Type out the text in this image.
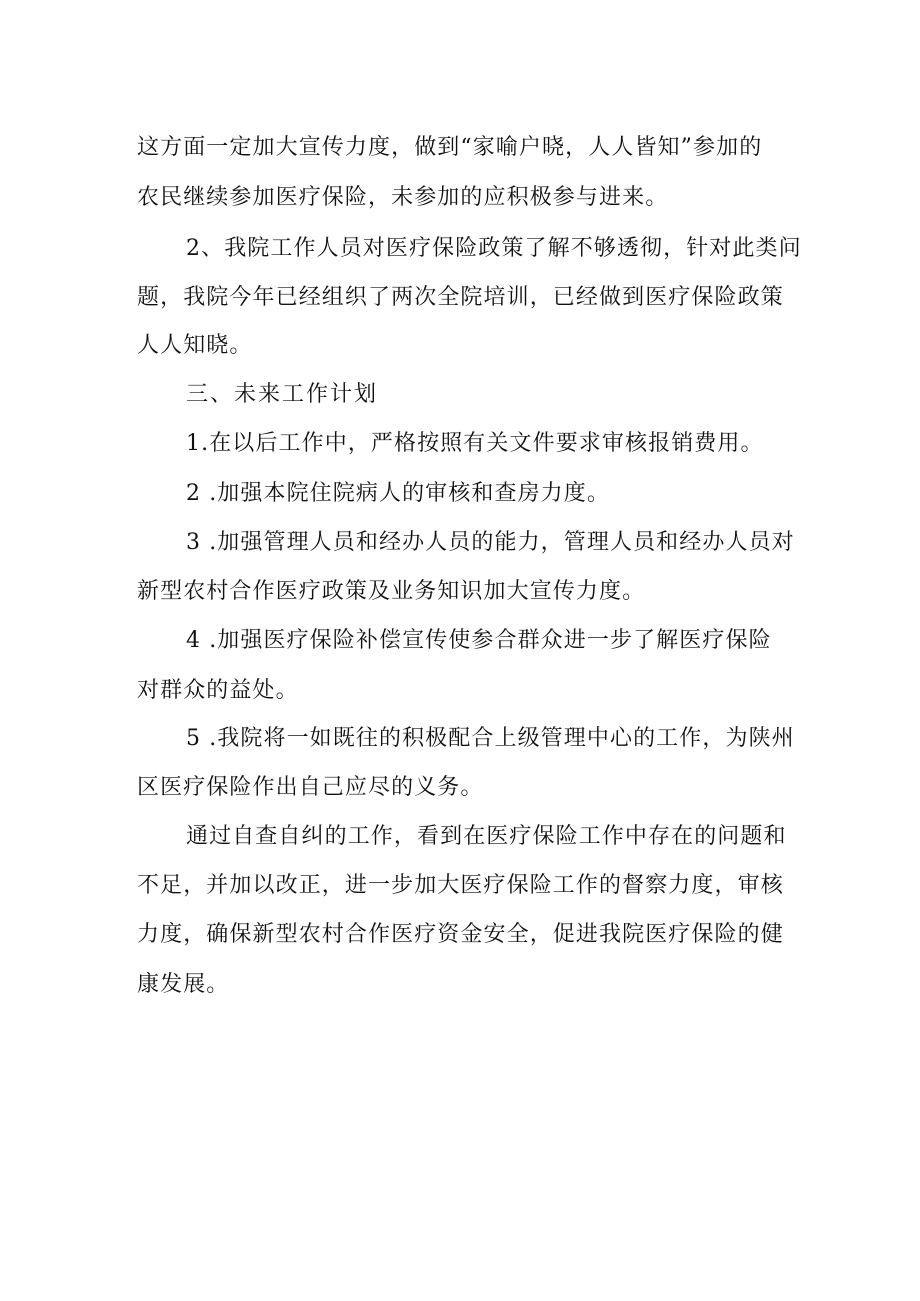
这方面一定加大宣传力度，做到“家喻户晓，人人皆知”参加的
农民继续参加医疗保险，未参加的应积极参与进来。
2、我院工作人员对医疗保险政策了解不够透彻，针对此类问
题，我院今年已经组织了两次全院培训，已经做到医疗保险政策
人人知晓。
三、未来工作计划
1.在以后工作中，严格按照有关文件要求审核报销费用。
2 .加强本院住院病人的审核和查房力度。
3 .加强管理人员和经办人员的能力，管理人员和经办人员对
新型农村合作医疗政策及业务知识加大宣传力度。
4 .加强医疗保险补偿宣传使参合群众进一步了解医疗保险
对群众的益处。
5 .我院将一如既往的积极配合上级管理中心的工作，为陕州
区医疗保险作出自己应尽的义务。
通过自查自纠的工作，看到在医疗保险工作中存在的问题和
不足，并加以改正，进一步加大医疗保险工作的督察力度，审核
力度，确保新型农村合作医疗资金安全，促进我院医疗保险的健
康发展。
